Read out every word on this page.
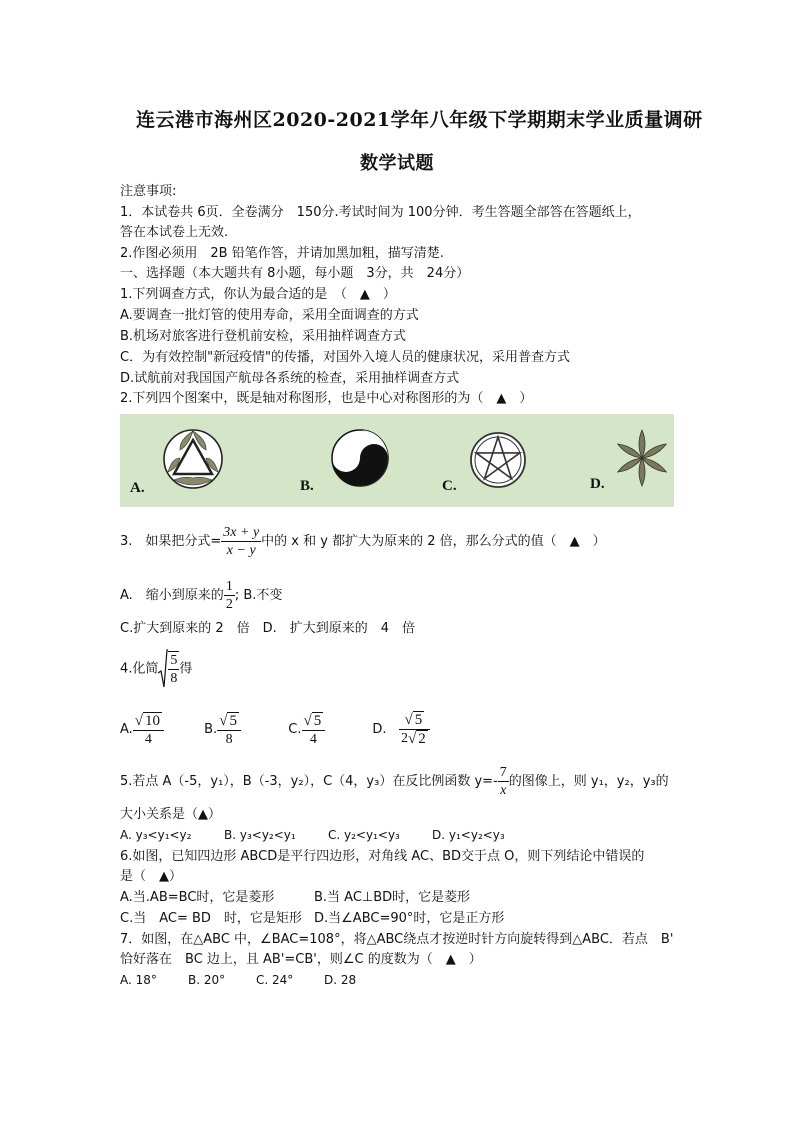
连云港市海州区2020-2021学年八年级下学期期末学业质量调研
数学试题
注意事项:
1．本试卷共 6页．全卷满分　150分.考试时间为 100分钟．考生答题全部答在答题纸上，
答在本试卷上无效.
2.作图必须用　2B 铅笔作答，并请加黑加粗，描写清楚.
一、选择题（本大题共有 8小题，每小题　3分，共　24分）
1.下列调查方式，你认为最合适的是　（　▲　）
A.要调查一批灯管的使用寿命，采用全面调查的方式
B.机场对旅客进行登机前安检，采用抽样调查方式
C．为有效控制"新冠疫情"的传播，对国外入境人员的健康状况，采用普查方式
D.试航前对我国国产航母各系统的检查，采用抽样调查方式
2.下列四个图案中，既是轴对称图形，也是中心对称图形的为（　▲　）
A.	B.	C.	D.
3.　如果把分式= $\frac{3x + y}{x - y}$ 中的 x 和 y 都扩大为原来的 2 倍，那么分式的值（　▲　）
A.　缩小到原来的 $\frac{1}{2}$ ; B.不变
C.扩大到原来的 2　倍　D.　扩大到原来的　4　倍
4.化简 $\frac{5}{8}$ 得
A. $\frac{√ 10}{4}$	B. $\frac{√ 5}{8}$	C. $\frac{√ 5}{4}$	D. $\frac{√ 5}{2√ 2}$
5.若点 A（-5，y₁），B（-3，y₂），C（4，y₃）在反比例函数 $y=- \frac{7}{x}$ 的图像上，则 y₁，y₂，y₃的
大小关系是（▲）
A. y₃<y₁<y₂	B. y₃<y₂<y₁	C. y₂<y₁<y₃	D. y₁<y₂<y₃
6.如图，已知四边形 ABCD是平行四边形，对角线 AC、BD交于点 O，则下列结论中错误的
是（　▲）
A.当.AB=BC时，它是菱形	B.当 AC⊥BD时，它是菱形
C.当　AC= BD　时，它是矩形 D.当∠ABC=90°时，它是正方形
7．如图，在△ABC 中，∠BAC=108°，将△ABC绕点才按逆时针方向旋转得到△ABC．若点　B'
恰好落在　BC 边上，且 AB'=CB'，则∠C 的度数为（　▲　）
A. 18°	B. 20°	C. 24°	D. 28
